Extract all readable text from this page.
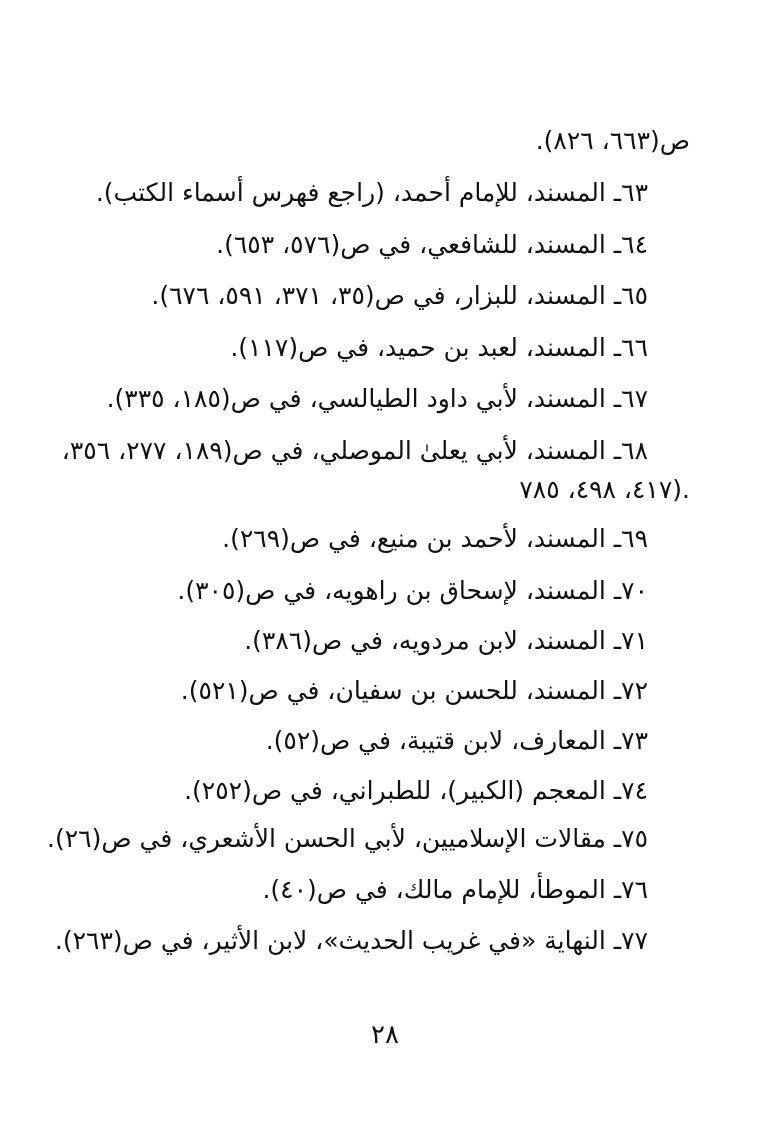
ص(٦٦٣، ٨٢٦).
٦٣ـ المسند، للإمام أحمد، (راجع فهرس أسماء الكتب).
٦٤ـ المسند، للشافعي، في ص(٥٧٦، ٦٥٣).
٦٥ـ المسند، للبزار، في ص(٣٥، ٣٧١، ٥٩١، ٦٧٦).
٦٦ـ المسند، لعبد بن حميد، في ص(١١٧).
٦٧ـ المسند، لأبي داود الطيالسي، في ص(١٨٥، ٣٣٥).
٦٨ـ المسند، لأبي يعلىٰ الموصلي، في ص(١٨٩، ٢٧٧، ٣٥٦،
٤١٧، ٤٩٨، ٧٨٥).
٦٩ـ المسند، لأحمد بن منيع، في ص(٢٦٩).
٧٠ـ المسند، لإسحاق بن راهويه، في ص(٣٠٥).
٧١ـ المسند، لابن مردويه، في ص(٣٨٦).
٧٢ـ المسند، للحسن بن سفيان، في ص(٥٢١).
٧٣ـ المعارف، لابن قتيبة، في ص(٥٢).
٧٤ـ المعجم (الكبير)، للطبراني، في ص(٢٥٢).
٧٥ـ مقالات الإسلاميين، لأبي الحسن الأشعري، في ص(٢٦).
٧٦ـ الموطأ، للإمام مالك، في ص(٤٠).
٧٧ـ النهاية «في غريب الحديث»، لابن الأثير، في ص(٢٦٣).
٢٨
